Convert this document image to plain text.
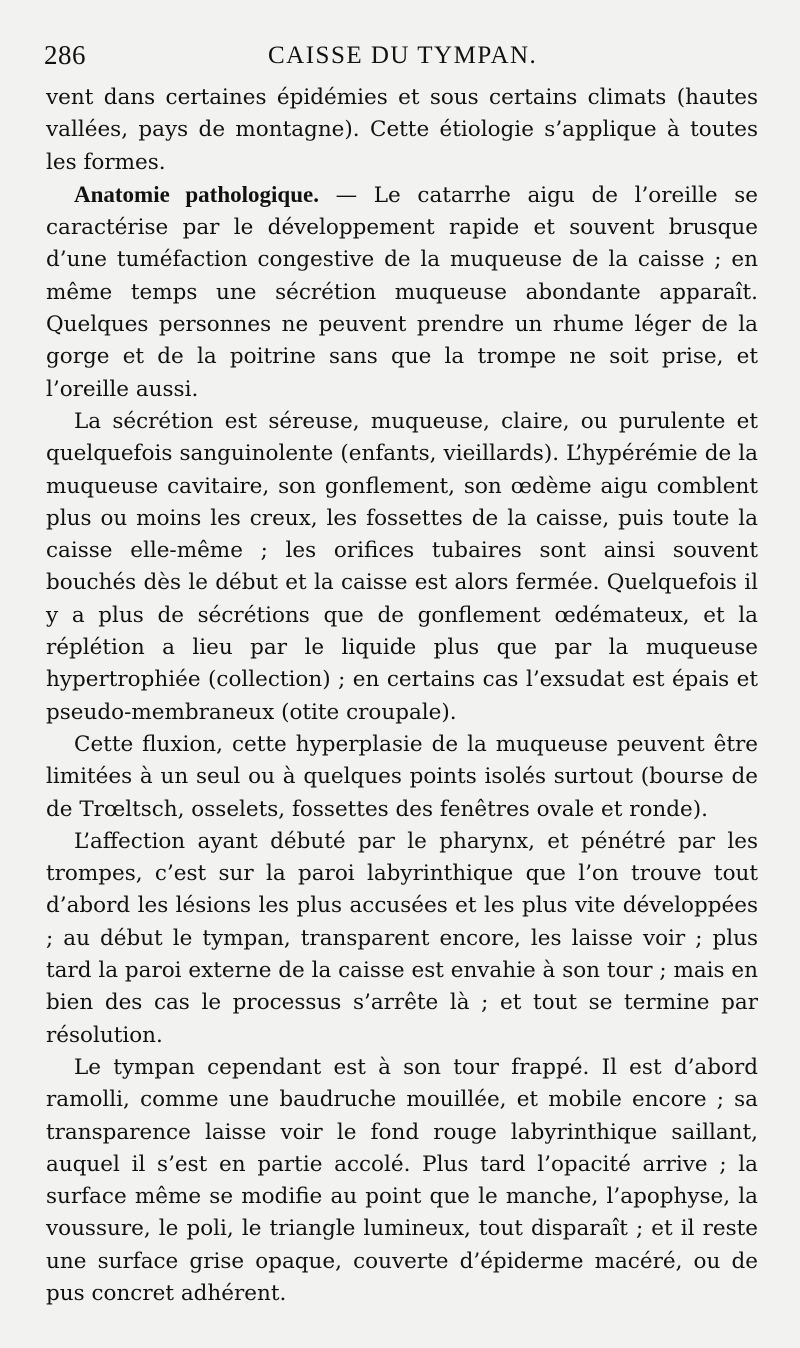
286	CAISSE DU TYMPAN.

vent dans certaines épidémies et sous certains climats (hautes vallées, pays de montagne). Cette étiologie s’applique à toutes les formes.

Anatomie pathologique. — Le catarrhe aigu de l’oreille se caractérise par le développement rapide et souvent brusque d’une tuméfaction congestive de la muqueuse de la caisse ; en même temps une sécrétion muqueuse abondante apparaît. Quelques personnes ne peuvent prendre un rhume léger de la gorge et de la poitrine sans que la trompe ne soit prise, et l’oreille aussi.

La sécrétion est séreuse, muqueuse, claire, ou purulente et quelquefois sanguinolente (enfants, vieillards). L’hypérémie de la muqueuse cavitaire, son gonflement, son œdème aigu comblent plus ou moins les creux, les fossettes de la caisse, puis toute la caisse elle-même ; les orifices tubaires sont ainsi souvent bouchés dès le début et la caisse est alors fermée. Quelquefois il y a plus de sécrétions que de gonflement œdémateux, et la réplétion a lieu par le liquide plus que par la muqueuse hypertrophiée (collection) ; en certains cas l’exsudat est épais et pseudo-membraneux (otite croupale).

Cette fluxion, cette hyperplasie de la muqueuse peuvent être limitées à un seul ou à quelques points isolés surtout (bourse de de Trœltsch, osselets, fossettes des fenêtres ovale et ronde).

L’affection ayant débuté par le pharynx, et pénétré par les trompes, c’est sur la paroi labyrinthique que l’on trouve tout d’abord les lésions les plus accusées et les plus vite développées ; au début le tympan, transparent encore, les laisse voir ; plus tard la paroi externe de la caisse est envahie à son tour ; mais en bien des cas le processus s’arrête là ; et tout se termine par résolution.

Le tympan cependant est à son tour frappé. Il est d’abord ramolli, comme une baudruche mouillée, et mobile encore ; sa transparence laisse voir le fond rouge labyrinthique saillant, auquel il s’est en partie accolé. Plus tard l’opacité arrive ; la surface même se modifie au point que le manche, l’apophyse, la voussure, le poli, le triangle lumineux, tout disparaît ; et il reste une surface grise opaque, couverte d’épiderme macéré, ou de pus concret adhérent.
